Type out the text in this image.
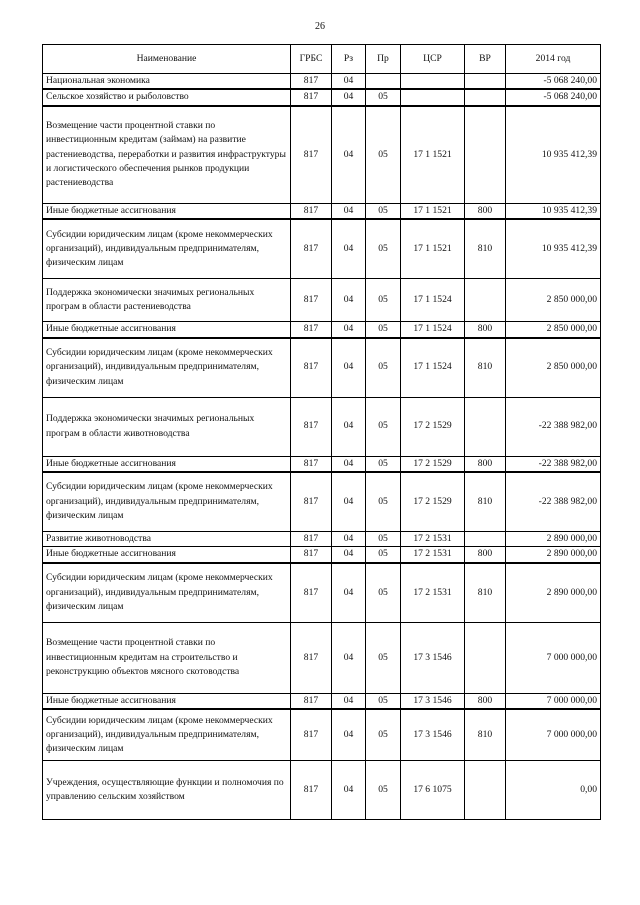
26
Наименование	ГРБС	Рз	Пр	ЦСР	ВР	2014 год
Национальная экономика	817	04				-5 068 240,00
Сельское хозяйство и рыболовство	817	04	05			-5 068 240,00
Возмещение части процентной ставки по инвестиционным кредитам (займам) на развитие растениеводства, переработки и развития инфраструктуры и логистического обеспечения рынков продукции растениеводства	817	04	05	17 1 1521		10 935 412,39
Иные бюджетные ассигнования	817	04	05	17 1 1521	800	10 935 412,39
Субсидии юридическим лицам (кроме некоммерческих организаций), индивидуальным предпринимателям, физическим лицам	817	04	05	17 1 1521	810	10 935 412,39
Поддержка экономически значимых региональных програм в области растениеводства	817	04	05	17 1 1524		2 850 000,00
Иные бюджетные ассигнования	817	04	05	17 1 1524	800	2 850 000,00
Субсидии юридическим лицам (кроме некоммерческих организаций), индивидуальным предпринимателям, физическим лицам	817	04	05	17 1 1524	810	2 850 000,00
Поддержка экономически значимых региональных програм в области животноводства	817	04	05	17 2 1529		-22 388 982,00
Иные бюджетные ассигнования	817	04	05	17 2 1529	800	-22 388 982,00
Субсидии юридическим лицам (кроме некоммерческих организаций), индивидуальным предпринимателям, физическим лицам	817	04	05	17 2 1529	810	-22 388 982,00
Развитие животноводства	817	04	05	17 2 1531		2 890 000,00
Иные бюджетные ассигнования	817	04	05	17 2 1531	800	2 890 000,00
Субсидии юридическим лицам (кроме некоммерческих организаций), индивидуальным предпринимателям, физическим лицам	817	04	05	17 2 1531	810	2 890 000,00
Возмещение части процентной ставки по инвестиционным кредитам на строительство и реконструкцию объектов мясного скотоводства	817	04	05	17 3 1546		7 000 000,00
Иные бюджетные ассигнования	817	04	05	17 3 1546	800	7 000 000,00
Субсидии юридическим лицам (кроме некоммерческих организаций), индивидуальным предпринимателям, физическим лицам	817	04	05	17 3 1546	810	7 000 000,00
Учреждения, осуществляющие функции и полномочия по управлению сельским хозяйством	817	04	05	17 6 1075		0,00
